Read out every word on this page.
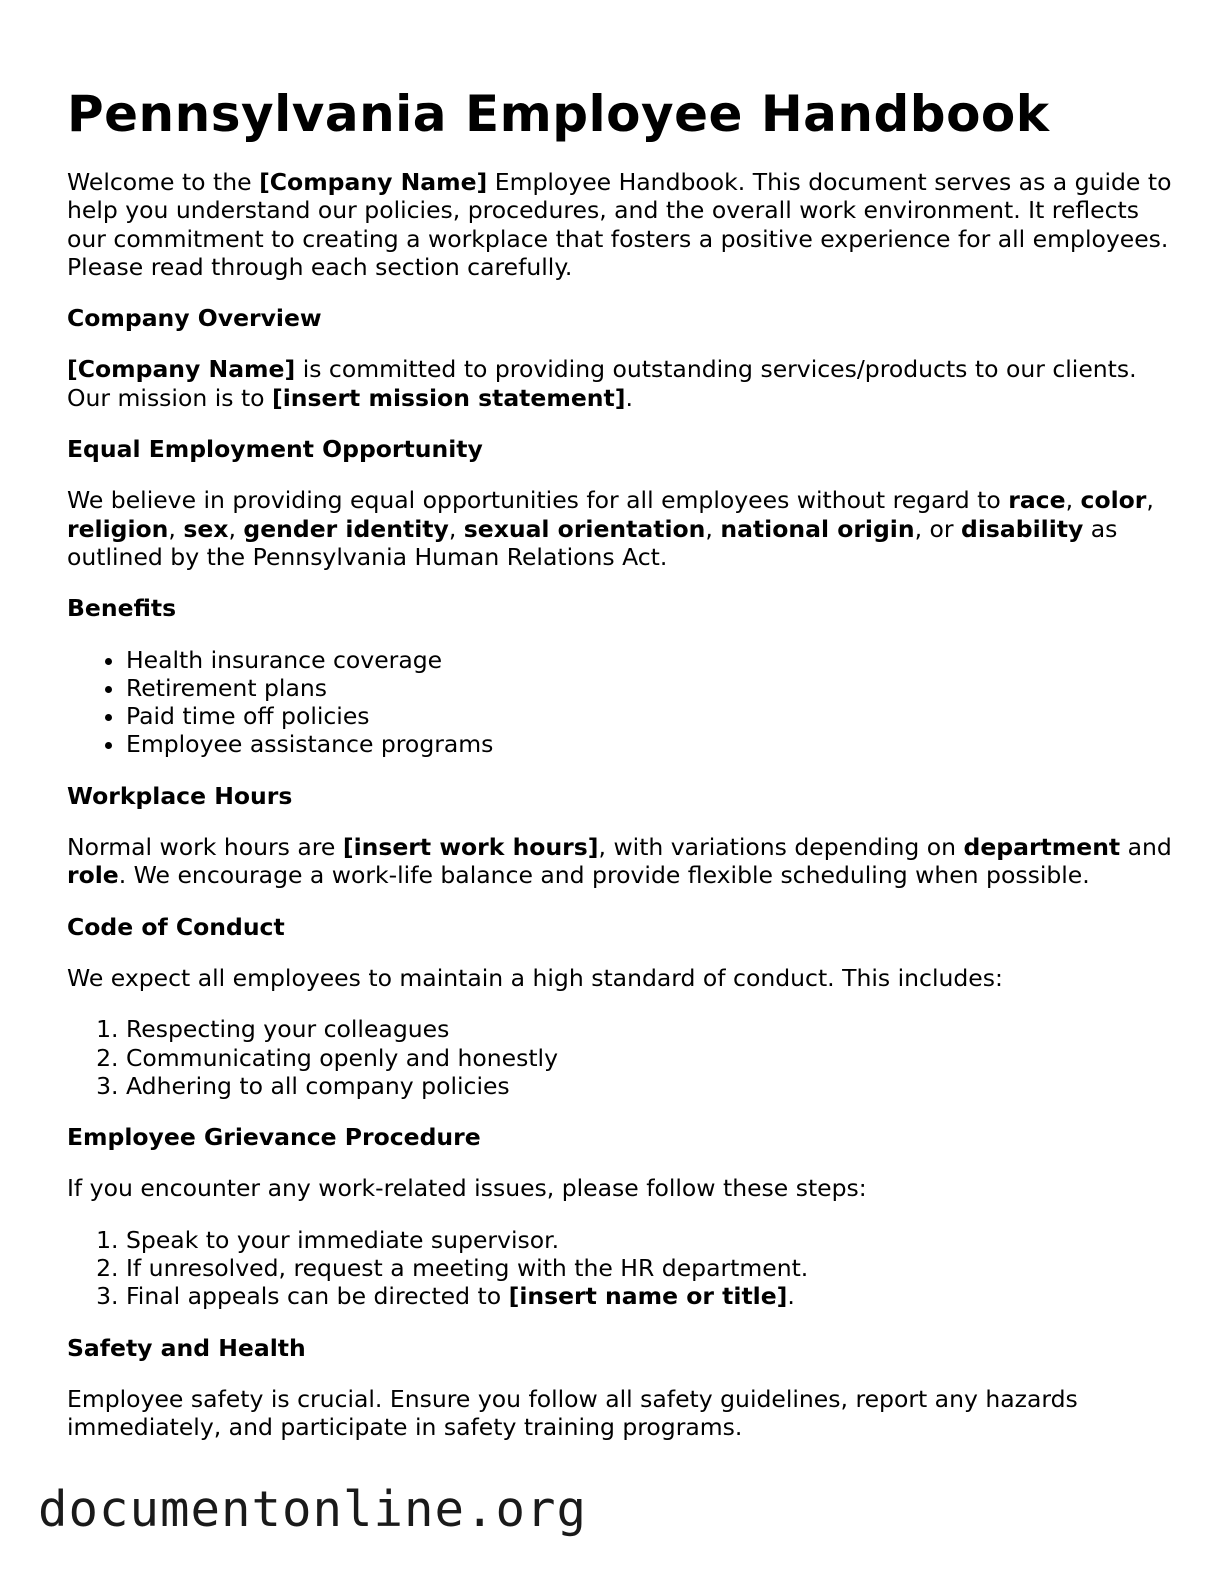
Pennsylvania Employee Handbook

Welcome to the [Company Name] Employee Handbook. This document serves as a guide to help you understand our policies, procedures, and the overall work environment. It reflects our commitment to creating a workplace that fosters a positive experience for all employees. Please read through each section carefully.

Company Overview

[Company Name] is committed to providing outstanding services/products to our clients. Our mission is to [insert mission statement].

Equal Employment Opportunity

We believe in providing equal opportunities for all employees without regard to race, color, religion, sex, gender identity, sexual orientation, national origin, or disability as outlined by the Pennsylvania Human Relations Act.

Benefits
• Health insurance coverage
• Retirement plans
• Paid time off policies
• Employee assistance programs
Workplace Hours

Normal work hours are [insert work hours], with variations depending on department and role. We encourage a work-life balance and provide flexible scheduling when possible.

Code of Conduct

We expect all employees to maintain a high standard of conduct. This includes:

1. Respecting your colleagues
2. Communicating openly and honestly
3. Adhering to all company policies
Employee Grievance Procedure

If you encounter any work-related issues, please follow these steps:

1. Speak to your immediate supervisor.
2. If unresolved, request a meeting with the HR department.
3. Final appeals can be directed to [insert name or title].
Safety and Health

Employee safety is crucial. Ensure you follow all safety guidelines, report any hazards immediately, and participate in safety training programs.

documentonline.org
